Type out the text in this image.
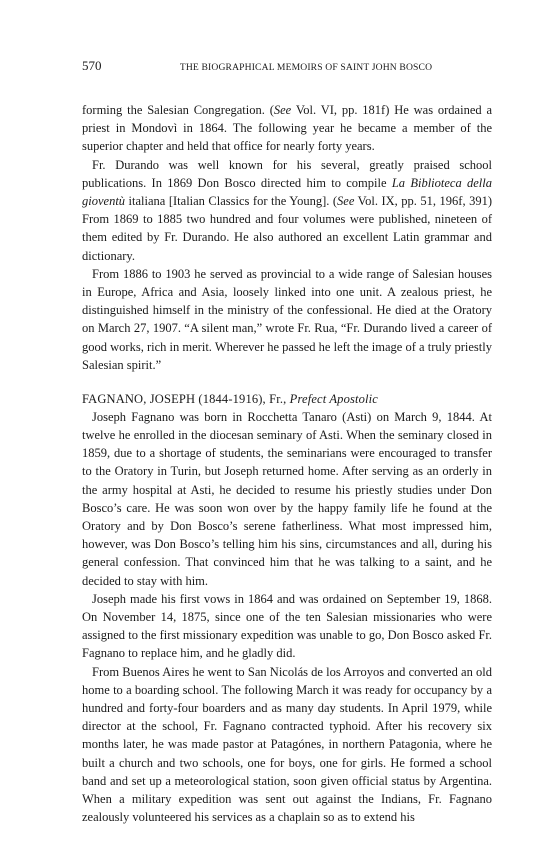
570	THE BIOGRAPHICAL MEMOIRS OF SAINT JOHN BOSCO

forming the Salesian Congregation. (See Vol. VI, pp. 181f) He was ordained a priest in Mondovì in 1864. The following year he became a member of the superior chapter and held that office for nearly forty years.

Fr. Durando was well known for his several, greatly praised school publications. In 1869 Don Bosco directed him to compile La Biblioteca della gioventù italiana [Italian Classics for the Young]. (See Vol. IX, pp. 51, 196f, 391) From 1869 to 1885 two hundred and four volumes were published, nineteen of them edited by Fr. Durando. He also authored an excellent Latin grammar and dictionary.

From 1886 to 1903 he served as provincial to a wide range of Salesian houses in Europe, Africa and Asia, loosely linked into one unit. A zealous priest, he distinguished himself in the ministry of the confessional. He died at the Oratory on March 27, 1907. “A silent man,” wrote Fr. Rua, “Fr. Durando lived a career of good works, rich in merit. Wherever he passed he left the image of a truly priestly Salesian spirit.”

FAGNANO, JOSEPH (1844-1916), Fr., Prefect Apostolic

Joseph Fagnano was born in Rocchetta Tanaro (Asti) on March 9, 1844. At twelve he enrolled in the diocesan seminary of Asti. When the seminary closed in 1859, due to a shortage of students, the seminarians were encouraged to transfer to the Oratory in Turin, but Joseph returned home. After serving as an orderly in the army hospital at Asti, he decided to resume his priestly studies under Don Bosco’s care. He was soon won over by the happy family life he found at the Oratory and by Don Bosco’s serene fatherliness. What most impressed him, however, was Don Bosco’s telling him his sins, circumstances and all, during his general confession. That convinced him that he was talking to a saint, and he decided to stay with him.

Joseph made his first vows in 1864 and was ordained on September 19, 1868. On November 14, 1875, since one of the ten Salesian missionaries who were assigned to the first missionary expedition was unable to go, Don Bosco asked Fr. Fagnano to replace him, and he gladly did.

From Buenos Aires he went to San Nicolás de los Arroyos and converted an old home to a boarding school. The following March it was ready for occupancy by a hundred and forty-four boarders and as many day students. In April 1979, while director at the school, Fr. Fagnano contracted typhoid. After his recovery six months later, he was made pastor at Patagónes, in northern Patagonia, where he built a church and two schools, one for boys, one for girls. He formed a school band and set up a meteorological station, soon given official status by Argentina. When a military expedition was sent out against the Indians, Fr. Fagnano zealously volunteered his services as a chaplain so as to extend his
